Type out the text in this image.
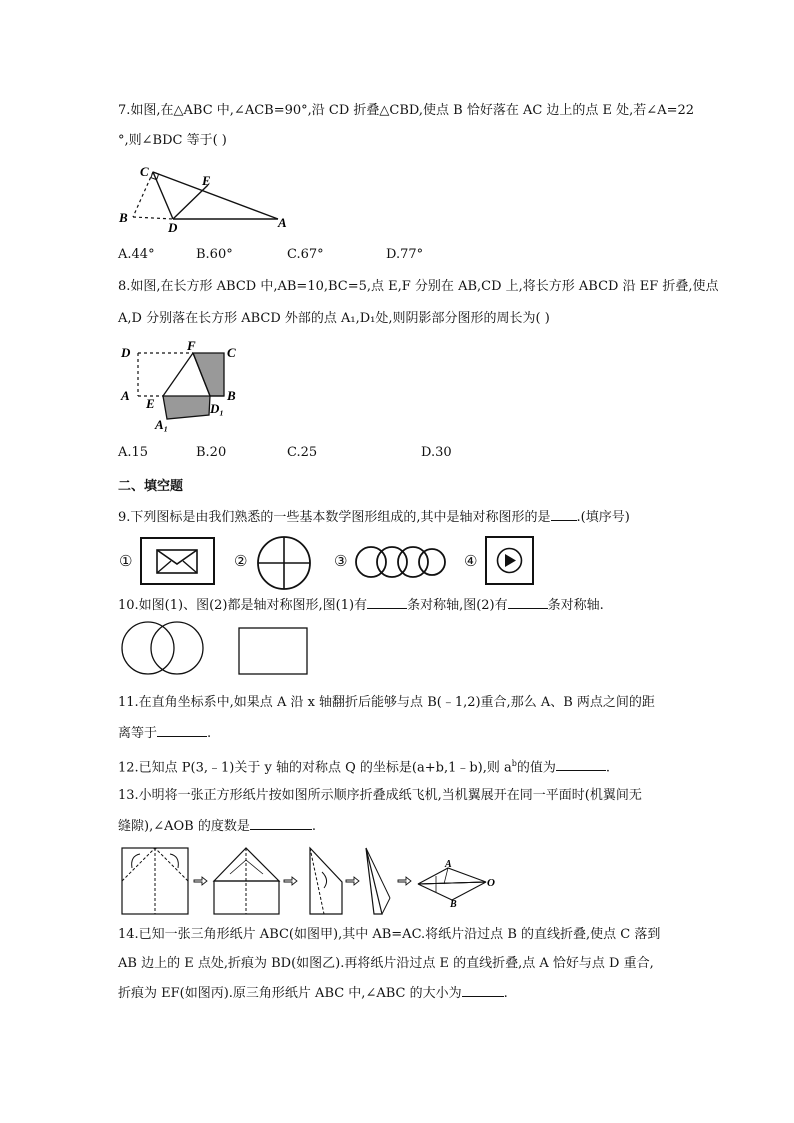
7.如图,在△ABC 中,∠ACB=90°,沿 CD 折叠△CBD,使点 B 恰好落在 AC 边上的点 E 处,若∠A=22
°,则∠BDC 等于( )
C
E
B
D	A
A.44°	B.60°	C.67°	D.77°
8.如图,在长方形 ABCD 中,AB=10,BC=5,点 E,F 分别在 AB,CD 上,将长方形 ABCD 沿 EF 折叠,使点
A,D 分别落在长方形 ABCD 外部的点 A₁,D₁处,则阴影部分图形的周长为( )
D	F C
A
E
B
D₁
A₁
A.15	B.20	C.25	D.30
二、填空题
9.下列图标是由我们熟悉的一些基本数学图形组成的,其中是轴对称图形的是 .(填序号)
①	②	③	④
10.如图(1)、图(2)都是轴对称图形,图(1)有	条对称轴,图(2)有	条对称轴.
11.在直角坐标系中,如果点 A 沿 x 轴翻折后能够与点 B(﹣1,2)重合,那么 A、B 两点之间的距
离等于	.
12.已知点 P(3,﹣1)关于 y 轴的对称点 Q 的坐标是(a+b,1﹣b),则 $a^b$的值为	.
13.小明将一张正方形纸片按如图所示顺序折叠成纸飞机,当机翼展开在同一平面时(机翼间无
缝隙),∠AOB 的度数是	.
A
B
O
14.已知一张三角形纸片 ABC(如图甲),其中 AB=AC.将纸片沿过点 B 的直线折叠,使点 C 落到
AB 边上的 E 点处,折痕为 BD(如图乙).再将纸片沿过点 E 的直线折叠,点 A 恰好与点 D 重合,
折痕为 EF(如图丙).原三角形纸片 ABC 中,∠ABC 的大小为	.
